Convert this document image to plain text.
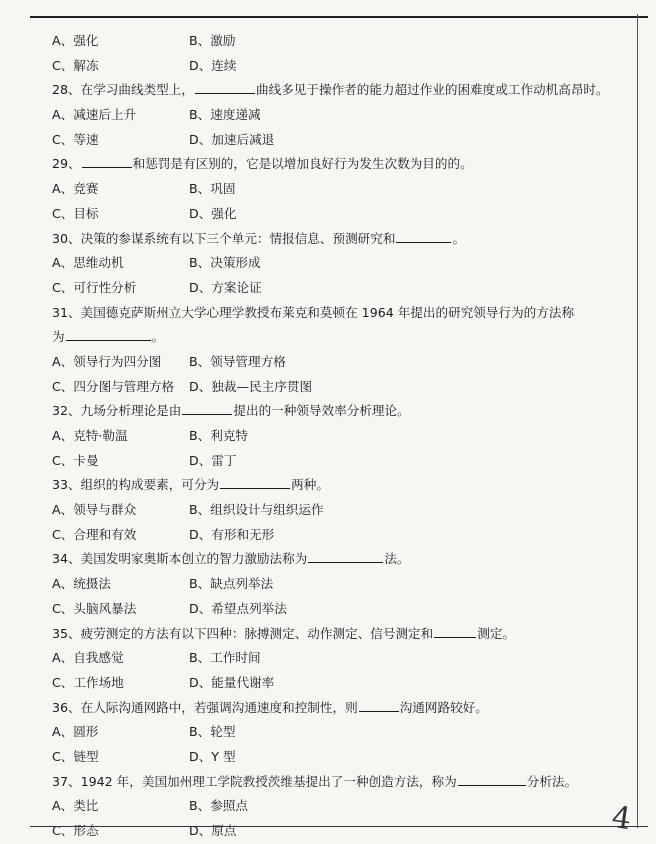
A、强化	B、激励
C、解冻	D、连续
28、在学习曲线类型上，	曲线多见于操作者的能力超过作业的困难度或工作动机高昂时。
A、减速后上升	B、速度递减
C、等速	D、加速后减退
29、	和惩罚是有区别的，它是以增加良好行为发生次数为目的的。
A、竞赛	B、巩固
C、目标	D、强化
30、决策的参谋系统有以下三个单元：情报信息、预测研究和	。
A、思维动机	B、决策形成
C、可行性分析	D、方案论证
31、美国德克萨斯州立大学心理学教授布莱克和莫顿在 1964 年提出的研究领导行为的方法称
为	。
A、领导行为四分图	B、领导管理方格
C、四分图与管理方格	D、独裁—民主序贯图
32、九场分析理论是由	提出的一种领导效率分析理论。
A、克特·勒温	B、利克特
C、卡曼	D、雷丁
33、组织的构成要素，可分为	两种。
A、领导与群众	B、组织设计与组织运作
C、合理和有效	D、有形和无形
34、美国发明家奥斯本创立的智力激励法称为	法。
A、统摄法	B、缺点列举法
C、头脑风暴法	D、希望点列举法
35、疲劳测定的方法有以下四种：脉搏测定、动作测定、信号测定和	测定。
A、自我感觉	B、工作时间
C、工作场地	D、能量代谢率
36、在人际沟通网路中，若强调沟通速度和控制性，则	沟通网路较好。
A、圆形	B、轮型
C、链型	D、Y 型
37、1942 年，美国加州理工学院教授茨维基提出了一种创造方法，称为	分析法。
A、类比	B、参照点
C、形态	D、原点	4
